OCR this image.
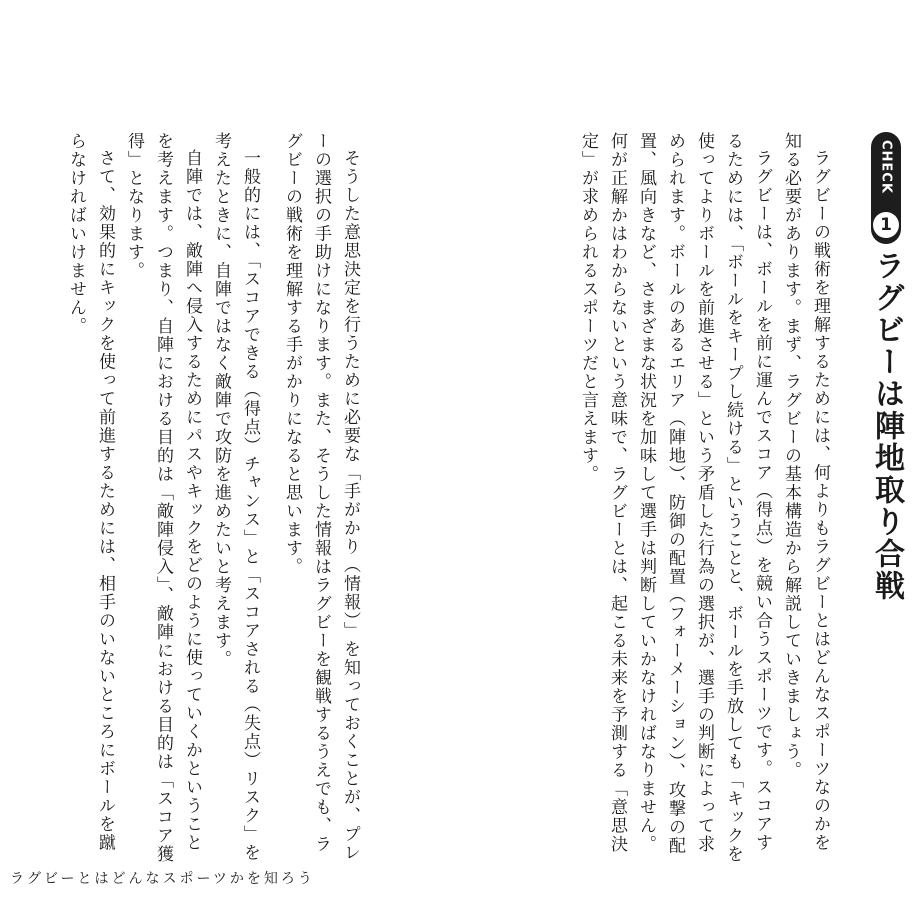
CHECK
1
ラグビーは陣地取り合戦

ラグビーの戦術を理解するためには、何よりもラグビーとはどんなスポーツなのかを知る必要があります。まず、ラグビーの基本構造から解説していきましょう。

ラグビーは、ボールを前に運んでスコア（得点）を競い合うスポーツです。スコアするためには、「ボールをキープし続ける」ということと、ボールを手放しても「キックを使ってよりボールを前進させる」という矛盾した行為の選択が、選手の判断によって求められます。ボールのあるエリア（陣地）、防御の配置（フォーメーション）、攻撃の配置、風向きなど、さまざまな状況を加味して選手は判断していかなければなりません。何が正解かはわからないという意味で、ラグビーとは、起こる未来を予測する「意思決定」が求められるスポーツだと言えます。

そうした意思決定を行うために必要な「手がかり（情報）」を知っておくことが、プレーの選択の手助けになります。また、そうした情報はラグビーを観戦するうえでも、ラグビーの戦術を理解する手がかりになると思います。

一般的には、「スコアできる（得点）チャンス」と「スコアされる（失点）リスク」を考えたときに、自陣ではなく敵陣で攻防を進めたいと考えます。

自陣では、敵陣へ侵入するためにパスやキックをどのように使っていくかということを考えます。つまり、自陣における目的は「敵陣侵入」、敵陣における目的は「スコア獲得」となります。

さて、効果的にキックを使って前進するためには、相手のいないところにボールを蹴らなければいけません。

ラグビーとはどんなスポーツかを知ろう
